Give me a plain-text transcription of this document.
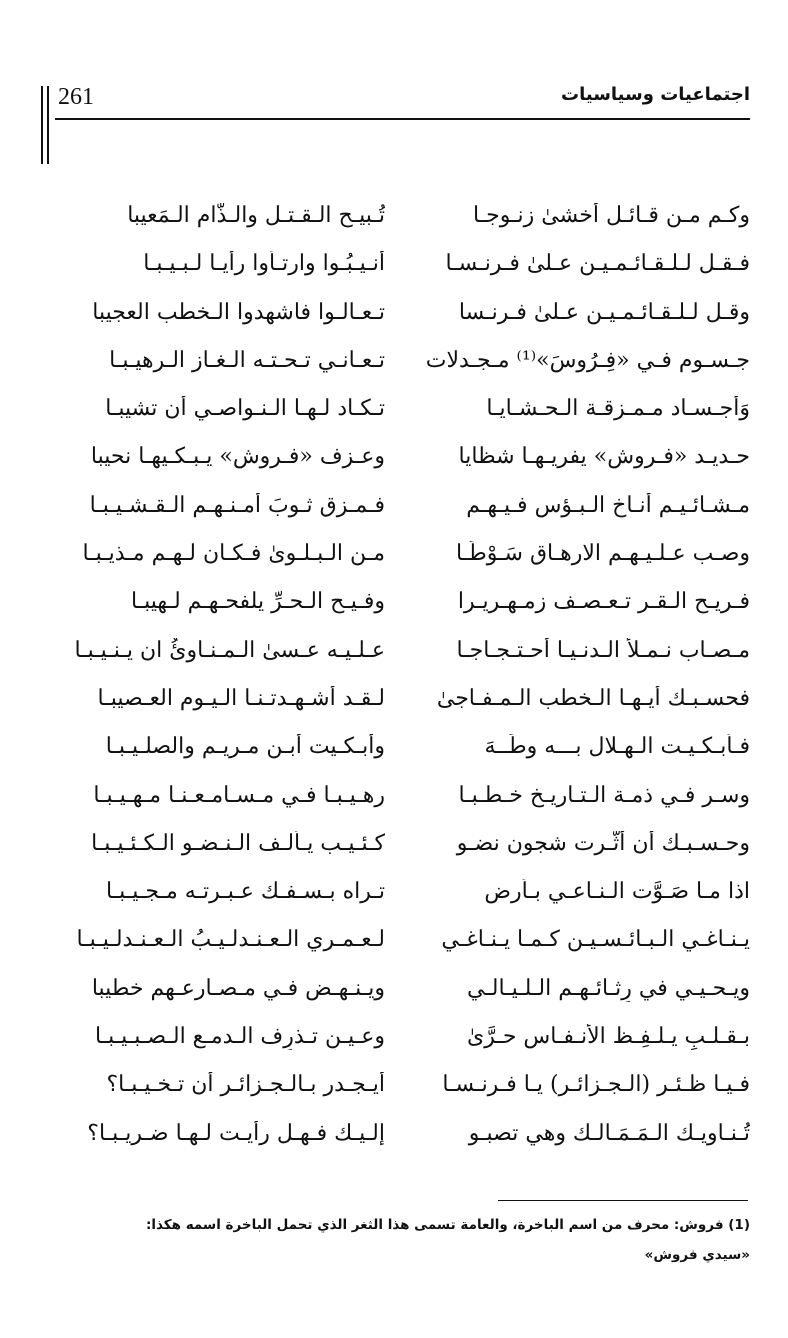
اجتماعيات وسياسيات
261
وكـم مـن قـائـل أخشىٰ زنـوجـا
تُـبيـح الـقـتـل والـذّام الـمَعيبا
فـقـل لـلـقـائـمـيـن عـلىٰ فـرنـسـا
أنـيـبُـوا وارتـأوا رأيـا لـبـيـبـا
وقـل لـلـقـائـمـيـن عـلىٰ فـرنـسا
تـعـالـوا فاشهدوا الـخطب العجيبا
جـسـوم فـي «فِـرُوسَ»⁽¹⁾ مـجـدلات
تـعـانـي تـحـتـه الـغـاز الـرهيـبـا
وَأجـسـاد مـمـزقـة الـحـشـايـا
تـكـاد لـهـا الـنـواصـي أن تشيبـا
حـديـد «فـروش» يفريـهـا شظايا
وعـزف «فـروش» يـبـكـيهـا نحيبا
مـشـائـيـم أنـاخ الـبـؤس فـيـهـم
فـمـزق ثـوبَ أمـنـهـم الـقـشـيـبـا
وصـب عـلـيـهـم الارهـاق سَـوْطًـا
مـن الـبـلـوىٰ فـكـان لـهـم مـذيـبـا
فـريـح الـقـر تـعـصـف زمـهـريـرا
وفـيـح الـحـرِّ يلفحـهـم لـهيبـا
مـصـاب نـمـلأُ الـدنـيـا أحـتـجـاجـا
عـلـيـه عـسىٰ الـمـنـاوئُ ان يـنـيـبـا
فحسـبـك أيـهـا الـخطب الـمـفـاجىٰ
لـقـد أشـهـدتـنـا الـيـوم العـصيبـا
فـأبـكـيـت الـهـلال بـــه وطَــهَ
وأبـكـيت أبـن مـريـم والصلـيـبـا
وسـر فـي ذمـة الـتـاريـخ خـطـبـا
رهـيـبـا فـي مـسـامـعـنـا مـهـيـبـا
وحـسـبـك أن أثّـرت شجون نضـو
كـئـيـب يـألـف الـنـضـو الـكـئـيـبـا
اذا مـا صَـوَّت الـنـاعـي بـأرض
تـراه بـسـفـك عـبـرتـه مـجـيـبـا
يـنـاغـي الـبـائـسـيـن كـمـا يـنـاغـي
لـعـمـري الـعـنـدلـيـبُ الـعـنـدلـيـبـا
ويـحـيـي في رِثـائـهـم الـلـيـالـي
ويـنـهـض فـي مـصـارعـهم خطيبا
بـقـلـبٍ يـلـفِـظ الأنـفـاس حـرَّىٰ
وعـيـنٍ تـذرِف الـدمـع الـصـبـيـبـا
فـيـا ظـئـر (الـجـزائـر) يـا فـرنـسـا
أيـجـدر بـالـجـزائـر أن تـخـيـبـا؟
تُـنـاويـك الـمَـمَـالـك وهي تصبـو
إلـيـك فـهـل رأيـت لـهـا ضـريـبـا؟
(1) فروش: محرف من اسم الباخرة، والعامة تسمى هذا الثغر الذي تحمل الباخرة اسمه هكذا:
«سيدي فروش»
